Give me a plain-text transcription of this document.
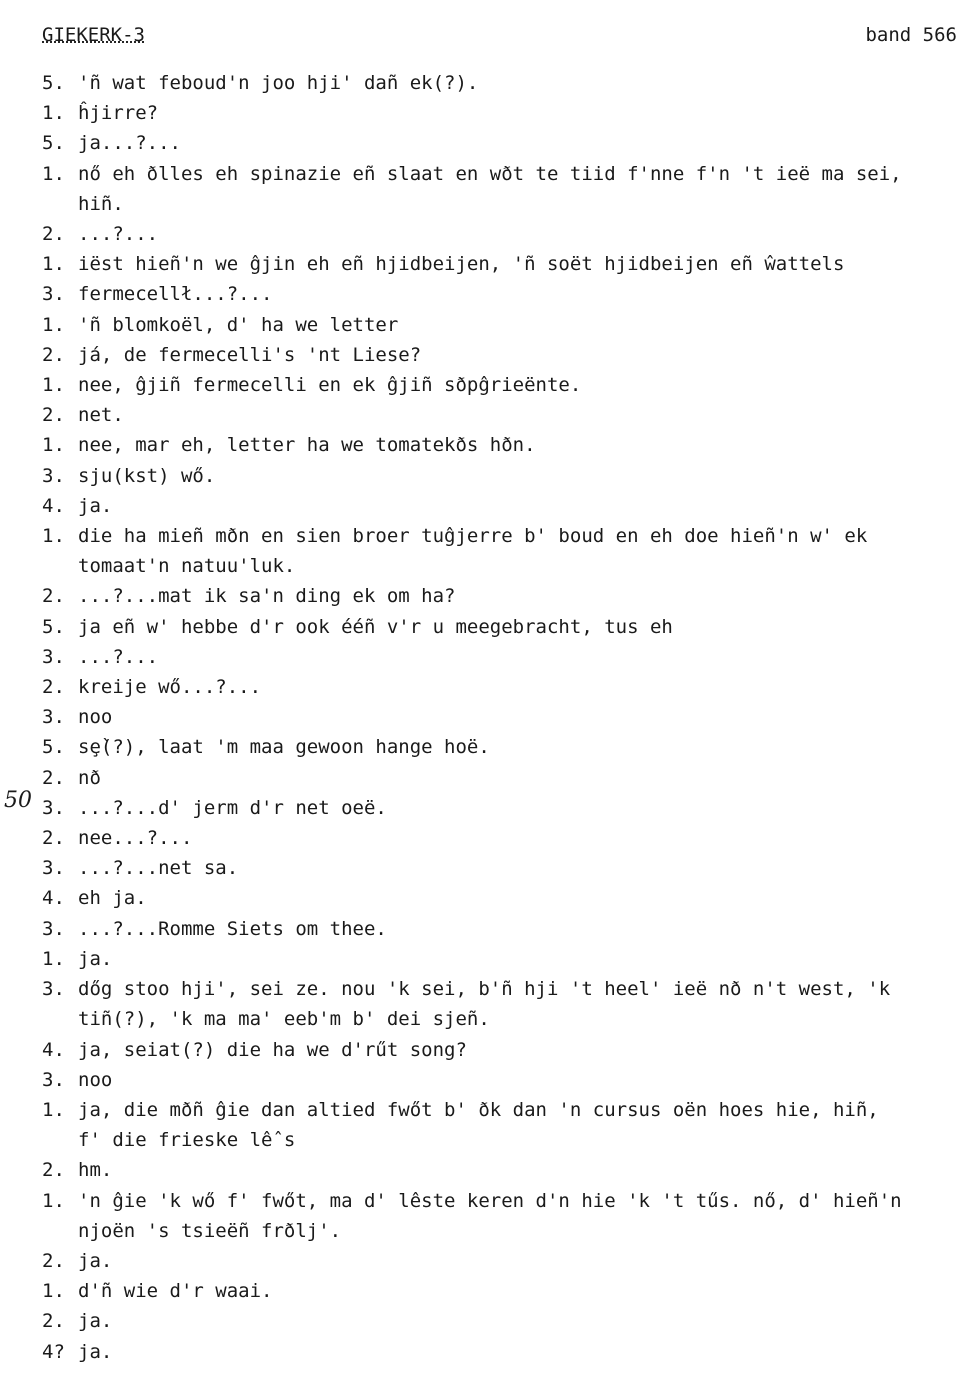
GIEKERK-3	band 566
50
5. 'ñ wat feboud'n joo hji' dañ ek(?).
1. ĥjirre?
5. ja...?...
1. nő eh ðlles eh spinazie eñ slaat en wðt te tiid f'nne f'n 't ieë ma sei,
hiñ.
2. ...?...
1. iëst hieñ'n we ĝjin eh eñ hjidbeijen, 'ñ soët hjidbeijen eñ ŵattels
3. fermecellł...?...
1. 'ñ blomkoël, d' ha we letter
2. já, de fermecelli's 'nt Liese?
1. nee, ĝjiñ fermecelli en ek ĝjiñ sðpĝrieënte.
2. net.
1. nee, mar eh, letter ha we tomatekðs hðn.
3. sju(kst) wő.
4. ja.
1. die ha mieñ mðn en sien broer tuĝjerre b' boud en eh doe hieñ'n w' ek
tomaat'n natuu'luk.
2. ...?...mat ik sa'n ding ek om ha?
5. ja eñ w' hebbe d'r ook ééñ v'r u meegebracht, tus eh
3. ...?...
2. kreije wő...?...
3. noo
5. sȩ̀(?), laat 'm maa gewoon hange hoë.
2. nð
3. ...?...d' jerm d'r net oeë.
2. nee...?...
3. ...?...net sa.
4. eh ja.
3. ...?...Romme Siets om thee.
1. ja.
3. dőg stoo hji', sei ze. nou 'k sei, b'ñ hji 't heel' ieë nð n't west, 'k
tiñ(?), 'k ma ma' eeb'm b' dei sjeñ.
4. ja, seiat(?) die ha we d'rűt song?
3. noo
1. ja, die mðñ ĝie dan altied fwőt b' ðk dan 'n cursus oën hoes hie, hiñ,
f' die frieske lêˆs
2. hm.
1. 'n ĝie 'k wő f' fwőt, ma d' lêste keren d'n hie 'k 't tűs. nő, d' hieñ'n
njoën 's tsieëñ frðlj'.
2. ja.
1. d'ñ wie d'r waai.
2. ja.
4? ja.
